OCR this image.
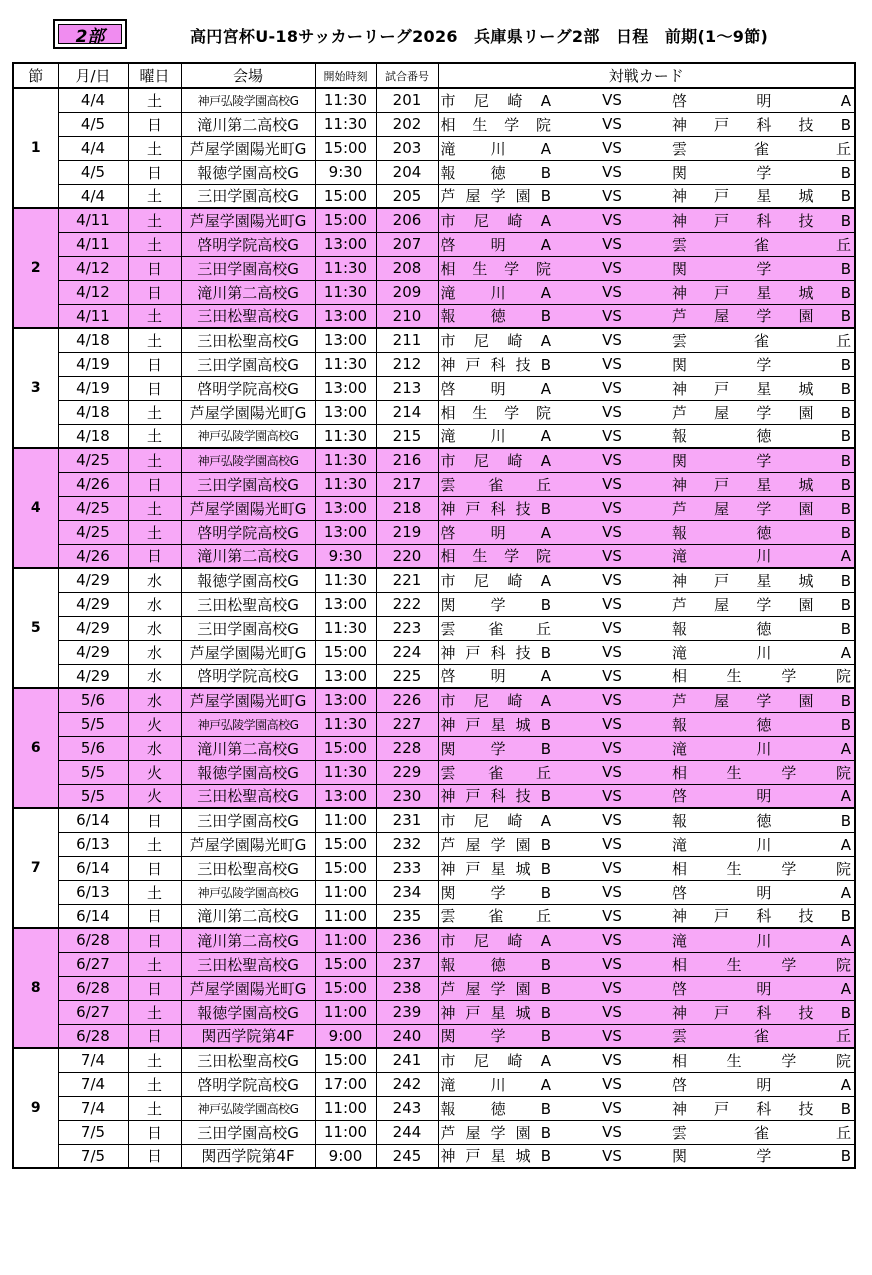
2部	高円宮杯U-18サッカーリーグ2026　兵庫県リーグ2部　日程　前期(1～9節)
節	月/日	曜日	会場	開始時刻	試合番号	対戦カード		
1	4/4	土	神戸弘陵学園高校G	11:30	201	市尼崎A	VS	啓明A
	4/5	日	滝川第二高校G	11:30	202	相生学院	VS	神戸科技B
	4/4	土	芦屋学園陽光町G	15:00	203	滝川A	VS	雲雀丘
	4/5	日	報徳学園高校G	9:30	204	報徳B	VS	関学B
	4/4	土	三田学園高校G	15:00	205	芦屋学園B	VS	神戸星城B
2	4/11	土	芦屋学園陽光町G	15:00	206	市尼崎A	VS	神戸科技B
	4/11	土	啓明学院高校G	13:00	207	啓明A	VS	雲雀丘
	4/12	日	三田学園高校G	11:30	208	相生学院	VS	関学B
	4/12	日	滝川第二高校G	11:30	209	滝川A	VS	神戸星城B
	4/11	土	三田松聖高校G	13:00	210	報徳B	VS	芦屋学園B
3	4/18	土	三田松聖高校G	13:00	211	市尼崎A	VS	雲雀丘
	4/19	日	三田学園高校G	11:30	212	神戸科技B	VS	関学B
	4/19	日	啓明学院高校G	13:00	213	啓明A	VS	神戸星城B
	4/18	土	芦屋学園陽光町G	13:00	214	相生学院	VS	芦屋学園B
	4/18	土	神戸弘陵学園高校G	11:30	215	滝川A	VS	報徳B
4	4/25	土	神戸弘陵学園高校G	11:30	216	市尼崎A	VS	関学B
	4/26	日	三田学園高校G	11:30	217	雲雀丘	VS	神戸星城B
	4/25	土	芦屋学園陽光町G	13:00	218	神戸科技B	VS	芦屋学園B
	4/25	土	啓明学院高校G	13:00	219	啓明A	VS	報徳B
	4/26	日	滝川第二高校G	9:30	220	相生学院	VS	滝川A
5	4/29	水	報徳学園高校G	11:30	221	市尼崎A	VS	神戸星城B
	4/29	水	三田松聖高校G	13:00	222	関学B	VS	芦屋学園B
	4/29	水	三田学園高校G	11:30	223	雲雀丘	VS	報徳B
	4/29	水	芦屋学園陽光町G	15:00	224	神戸科技B	VS	滝川A
	4/29	水	啓明学院高校G	13:00	225	啓明A	VS	相生学院
6	5/6	水	芦屋学園陽光町G	13:00	226	市尼崎A	VS	芦屋学園B
	5/5	火	神戸弘陵学園高校G	11:30	227	神戸星城B	VS	報徳B
	5/6	水	滝川第二高校G	15:00	228	関学B	VS	滝川A
	5/5	火	報徳学園高校G	11:30	229	雲雀丘	VS	相生学院
	5/5	火	三田松聖高校G	13:00	230	神戸科技B	VS	啓明A
7	6/14	日	三田学園高校G	11:00	231	市尼崎A	VS	報徳B
	6/13	土	芦屋学園陽光町G	15:00	232	芦屋学園B	VS	滝川A
	6/14	日	三田松聖高校G	15:00	233	神戸星城B	VS	相生学院
	6/13	土	神戸弘陵学園高校G	11:00	234	関学B	VS	啓明A
	6/14	日	滝川第二高校G	11:00	235	雲雀丘	VS	神戸科技B
8	6/28	日	滝川第二高校G	11:00	236	市尼崎A	VS	滝川A
	6/27	土	三田松聖高校G	15:00	237	報徳B	VS	相生学院
	6/28	日	芦屋学園陽光町G	15:00	238	芦屋学園B	VS	啓明A
	6/27	土	報徳学園高校G	11:00	239	神戸星城B	VS	神戸科技B
	6/28	日	関西学院第4F	9:00	240	関学B	VS	雲雀丘
9	7/4	土	三田松聖高校G	15:00	241	市尼崎A	VS	相生学院
	7/4	土	啓明学院高校G	17:00	242	滝川A	VS	啓明A
	7/4	土	神戸弘陵学園高校G	11:00	243	報徳B	VS	神戸科技B
	7/5	日	三田学園高校G	11:00	244	芦屋学園B	VS	雲雀丘
	7/5	日	関西学院第4F	9:00	245	神戸星城B	VS	関学B
